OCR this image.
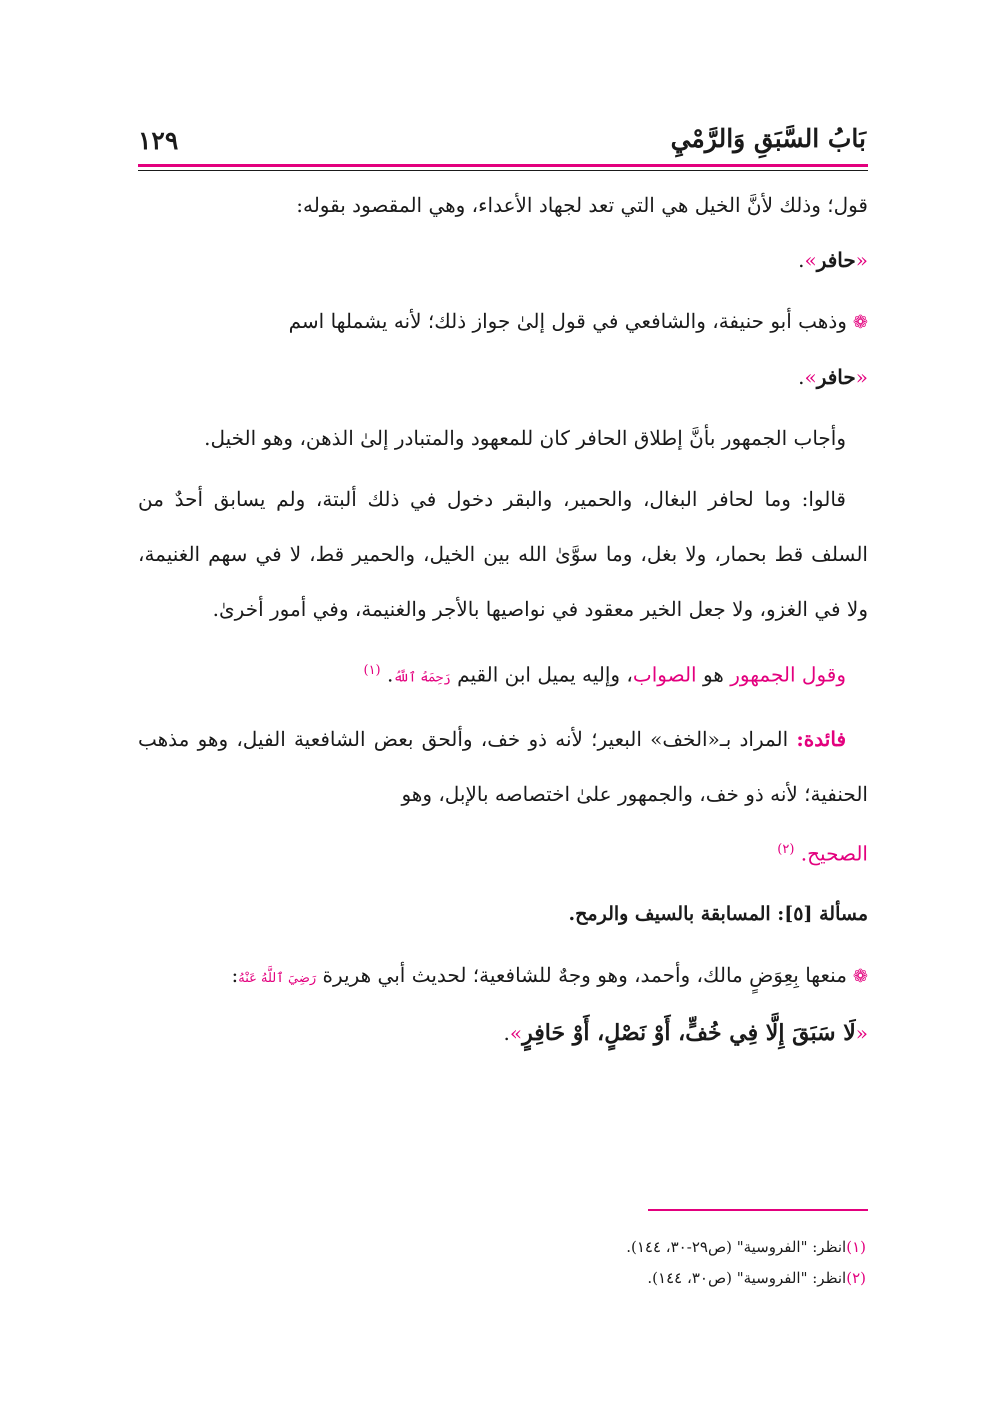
بَابُ السَّبَقِ وَالرَّمْيِ
١٢٩

قول؛ وذلك لأنَّ الخيل هي التي تعد لجهاد الأعداء، وهي المقصود بقوله:
«حافر».

❁وذهب أبو حنيفة، والشافعي في قول إلىٰ جواز ذلك؛ لأنه يشملها اسم
«حافر».

وأجاب الجمهور بأنَّ إطلاق الحافر كان للمعهود والمتبادر إلىٰ الذهن، وهو الخيل.

قالوا: وما لحافر البغال، والحمير، والبقر دخول في ذلك ألبتة، ولم يسابق أحدٌ من السلف قط بحمار، ولا بغل، وما سوَّىٰ الله بين الخيل، والحمير قط، لا في سهم الغنيمة، ولا في الغزو، ولا جعل الخير معقود في نواصيها بالأجر والغنيمة، وفي أمور أخرىٰ.

وقول الجمهور هو الصواب، وإليه يميل ابن القيم رَحِمَهُ ٱللَّهُ. $^{(١)}$

فائدة: المراد بـ«الخف» البعير؛ لأنه ذو خف، وألحق بعض الشافعية الفيل، وهو مذهب الحنفية؛ لأنه ذو خف، والجمهور علىٰ اختصاصه بالإبل، وهو
الصحيح. $^{(٢)}$

مسألة [٥]: المسابقة بالسيف والرمح.

❁منعها بِعِوَضٍ مالك، وأحمد، وهو وجهٌ للشافعية؛ لحديث أبي هريرة رَضِيَ ٱللَّهُ عَنْهُ:
«لَا سَبَقَ إِلَّا فِي خُفٍّ، أَوْ نَصْلٍ، أَوْ حَافِرٍ».

(١)انظر: "الفروسية" (ص٢٩-٣٠، ١٤٤).
(٢)انظر: "الفروسية" (ص٣٠، ١٤٤).
